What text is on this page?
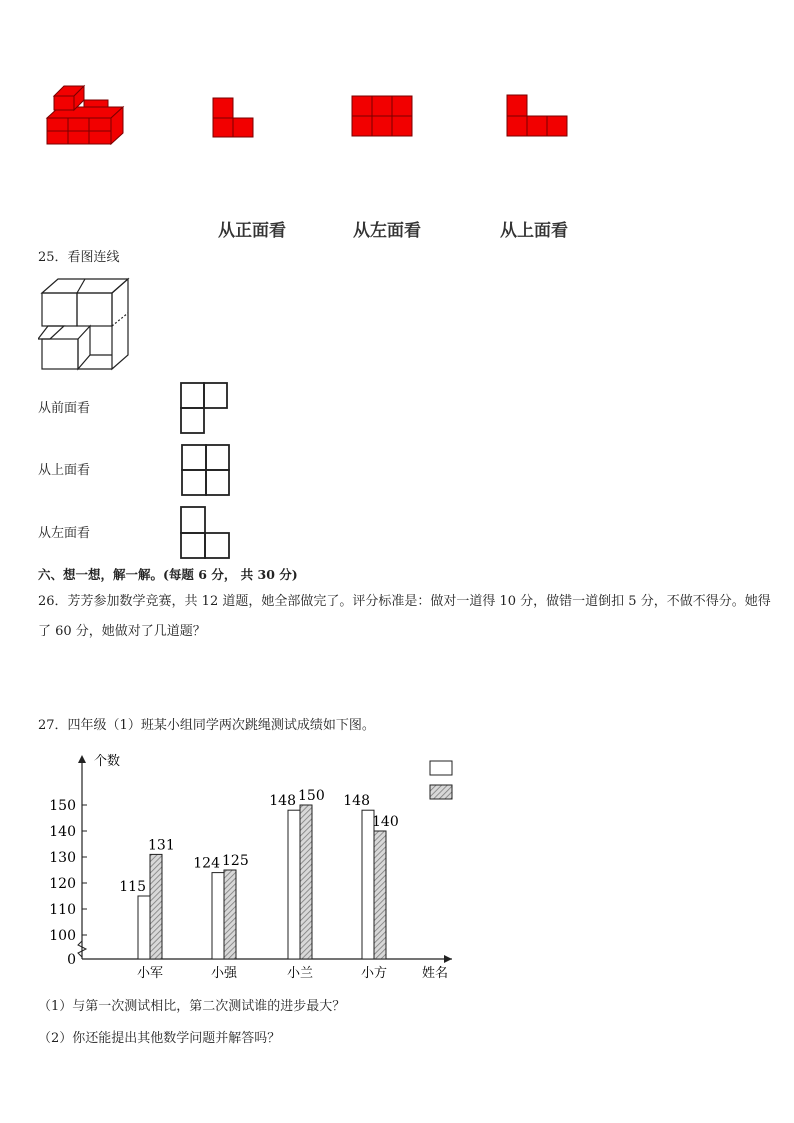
从正面看	从左面看	从上面看
25．看图连线
从前面看
从上面看
从左面看
六、想一想，解一解。(每题 6 分， 共 30 分)
26．芳芳参加数学竞赛，共 12 道题，她全部做完了。评分标准是：做对一道得 10 分，做错一道倒扣 5 分，不做不得分。她得了 60 分，她做对了几道题？
27．四年级（1）班某小组同学两次跳绳测试成绩如下图。
0
100
110
120
130
140
150
个数
姓名
115
131
小军
124 125
小强
148 150
小兰
148
140
小方
（1）与第一次测试相比，第二次测试谁的进步最大？
（2）你还能提出其他数学问题并解答吗？
